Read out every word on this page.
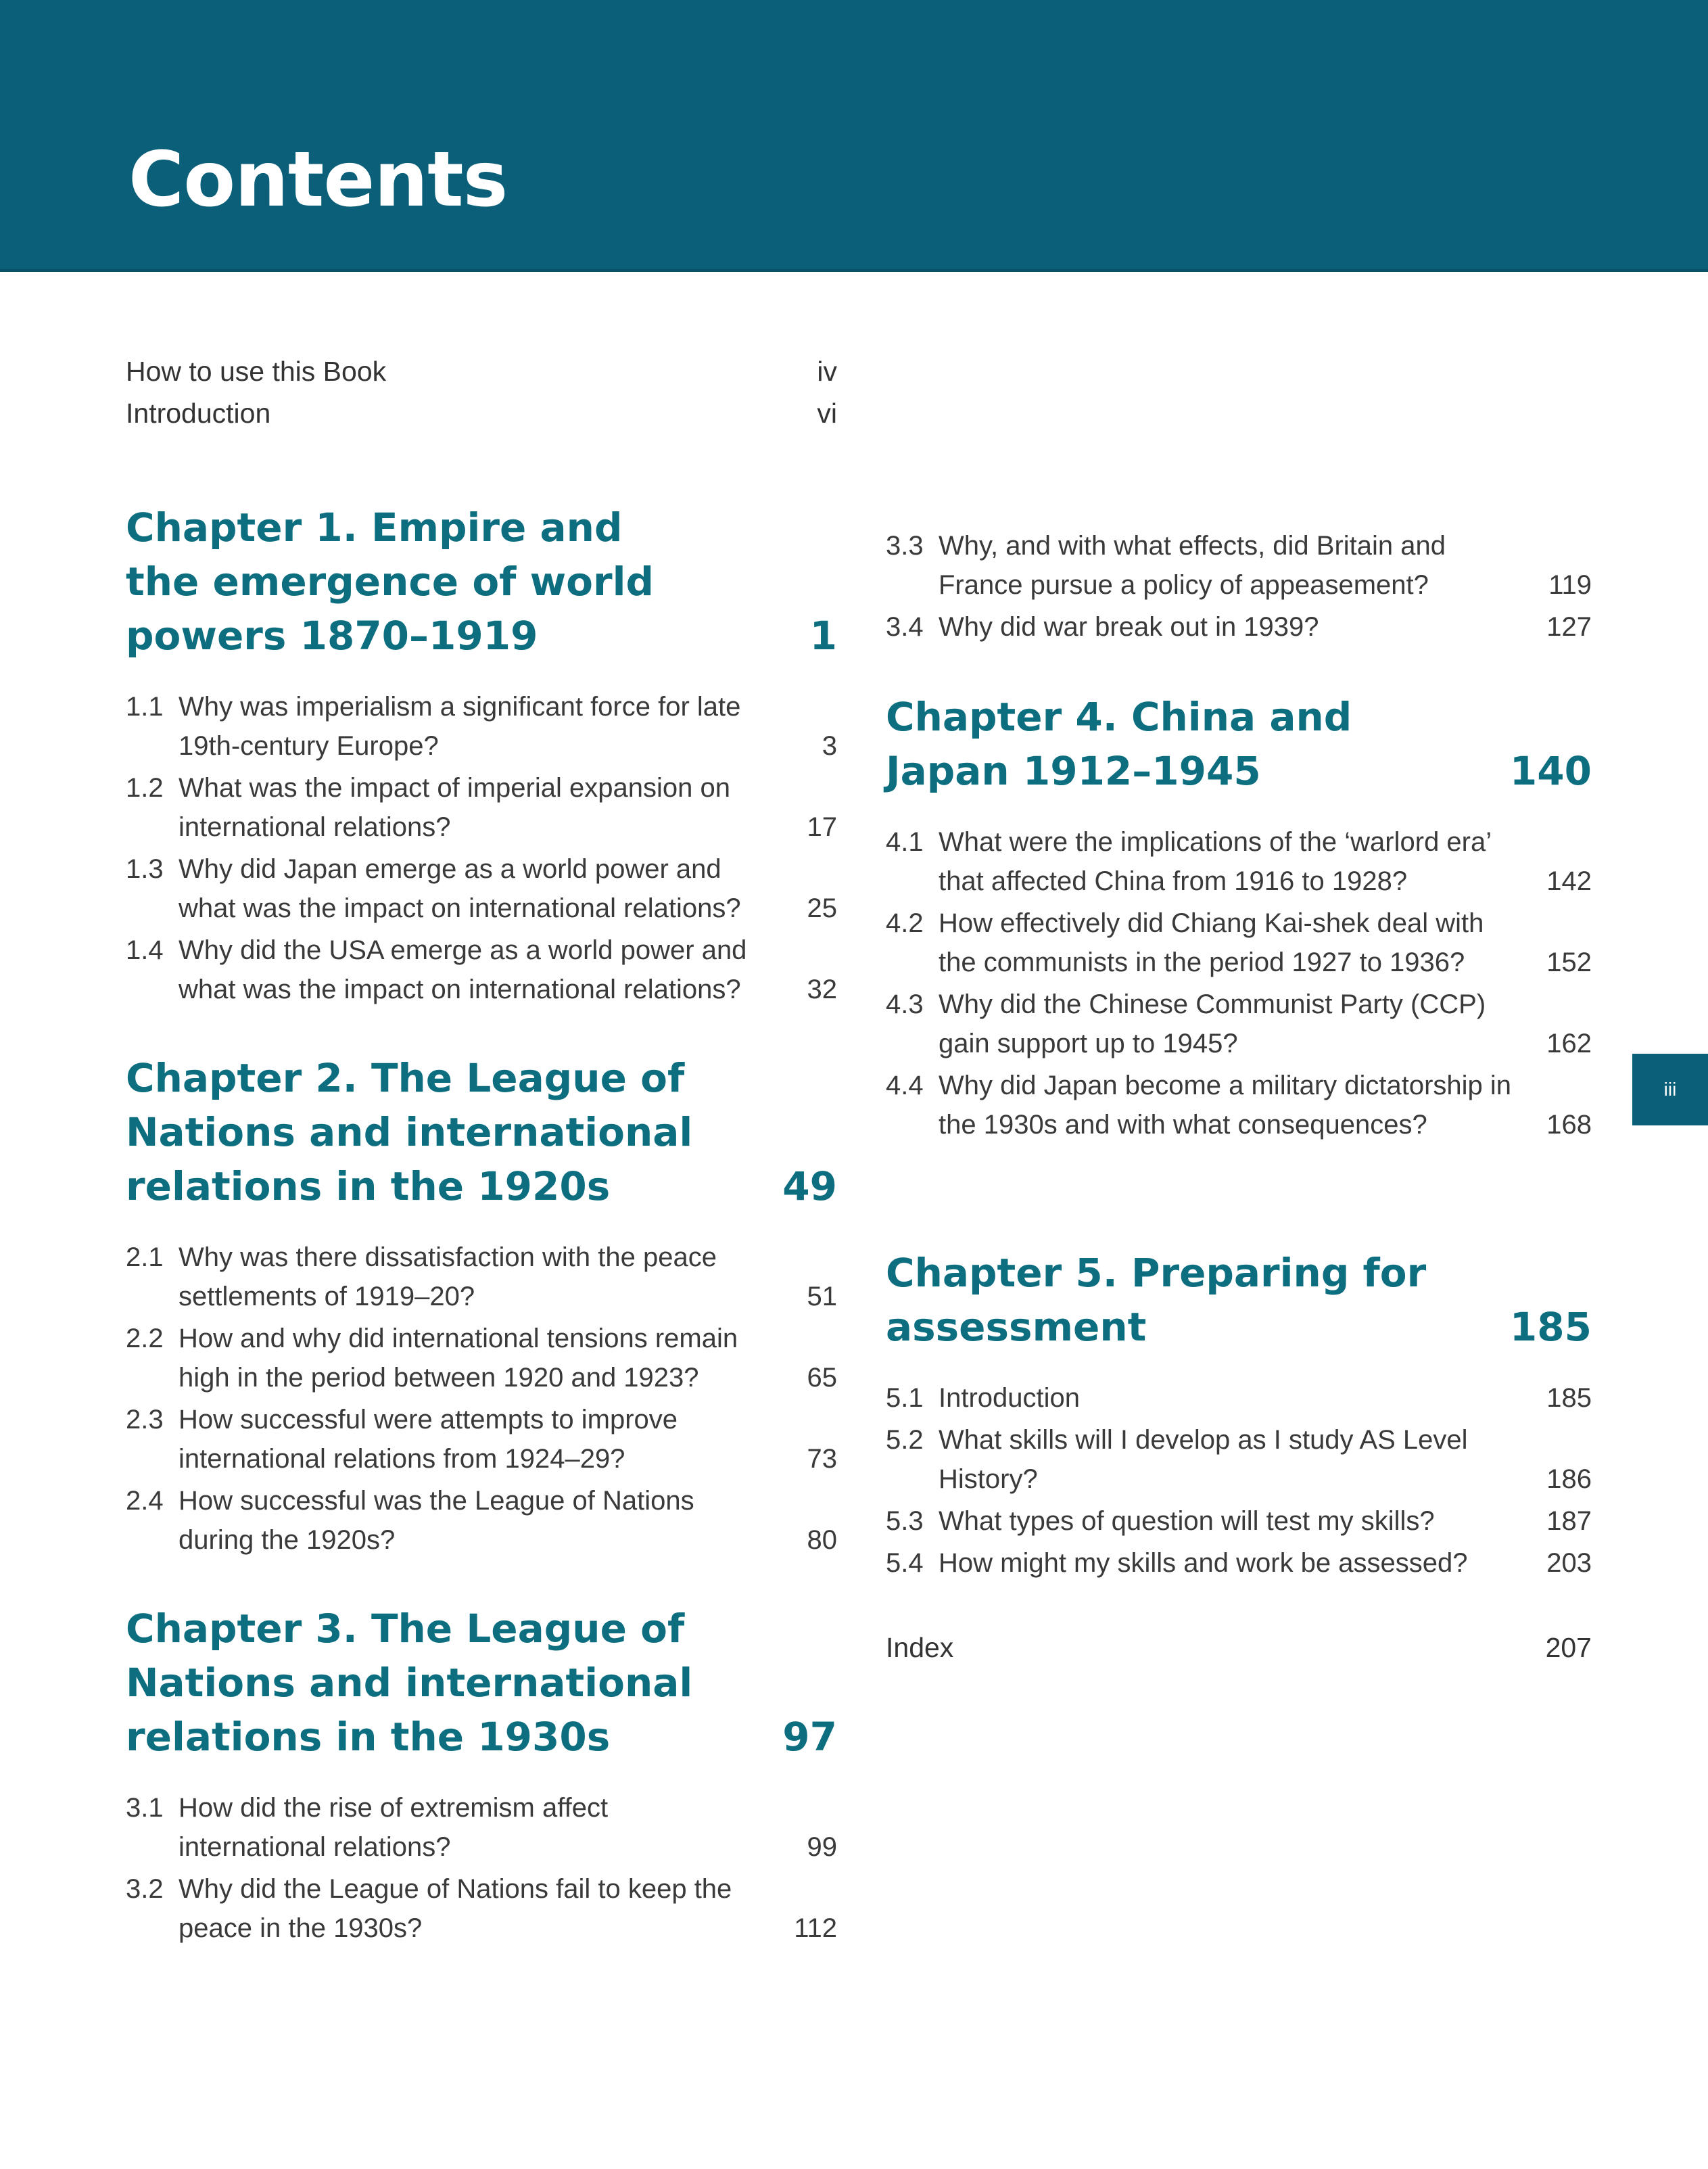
Contents
iii
How to use this Book	iv
Introduction	vi
Chapter 1. Empire and the emergence of world powers 1870–1919	1
1.1 Why was imperialism a significant force for late 19th-century Europe?	3
1.2 What was the impact of imperial expansion on international relations?	17
1.3 Why did Japan emerge as a world power and what was the impact on international relations?	25
1.4 Why did the USA emerge as a world power and what was the impact on international relations?	32
Chapter 2. The League of Nations and international relations in the 1920s	49
2.1 Why was there dissatisfaction with the peace settlements of 1919–20?	51
2.2 How and why did international tensions remain high in the period between 1920 and 1923?	65
2.3 How successful were attempts to improve international relations from 1924–29?	73
2.4 How successful was the League of Nations during the 1920s?	80
Chapter 3. The League of Nations and international relations in the 1930s	97
3.1 How did the rise of extremism affect international relations?	99
3.2 Why did the League of Nations fail to keep the peace in the 1930s?	112
3.3 Why, and with what effects, did Britain and France pursue a policy of appeasement?	119
3.4 Why did war break out in 1939?	127
Chapter 4. China and Japan 1912–1945	140
4.1 What were the implications of the ‘warlord era’ that affected China from 1916 to 1928?	142
4.2 How effectively did Chiang Kai-shek deal with the communists in the period 1927 to 1936?	152
4.3 Why did the Chinese Communist Party (CCP) gain support up to 1945?	162
4.4 Why did Japan become a military dictatorship in the 1930s and with what consequences?	168
Chapter 5. Preparing for assessment	185
5.1 Introduction	185
5.2 What skills will I develop as I study AS Level History?	186
5.3 What types of question will test my skills?	187
5.4 How might my skills and work be assessed?	203
Index	207
